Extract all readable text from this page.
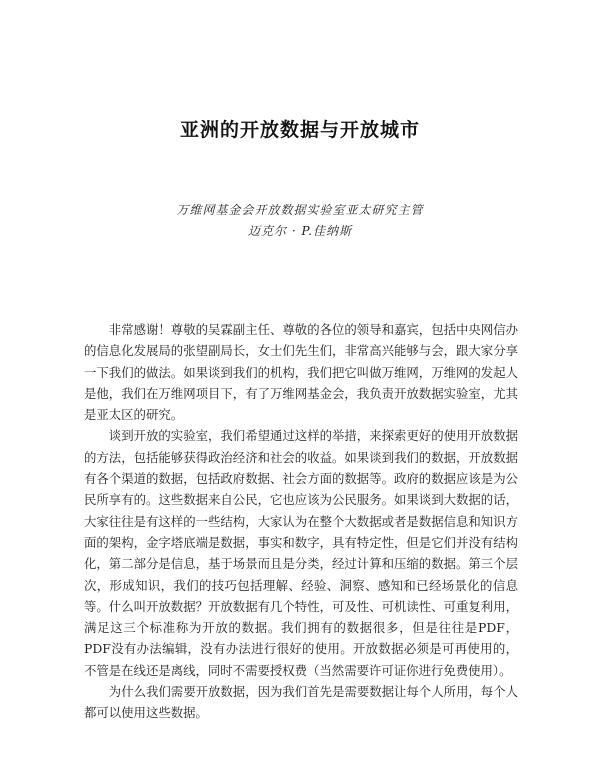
亚洲的开放数据与开放城市
万维网基金会开放数据实验室亚太研究主管
迈克尔 · P.佳纳斯

非常感谢！尊敬的吴霖副主任、尊敬的各位的领导和嘉宾，包括中央网信办的信息化发展局的张望副局长，女士们先生们，非常高兴能够与会，跟大家分享一下我们的做法。如果谈到我们的机构，我们把它叫做万维网，万维网的发起人是他，我们在万维网项目下，有了万维网基金会，我负责开放数据实验室，尤其是亚太区的研究。

谈到开放的实验室，我们希望通过这样的举措，来探索更好的使用开放数据的方法，包括能够获得政治经济和社会的收益。如果谈到我们的数据，开放数据有各个渠道的数据，包括政府数据、社会方面的数据等。政府的数据应该是为公民所享有的。这些数据来自公民，它也应该为公民服务。如果谈到大数据的话，大家往往是有这样的一些结构，大家认为在整个大数据或者是数据信息和知识方面的架构，金字塔底端是数据，事实和数字，具有特定性，但是它们并没有结构化，第二部分是信息，基于场景而且是分类，经过计算和压缩的数据。第三个层次，形成知识，我们的技巧包括理解、经验、洞察、感知和已经场景化的信息等。什么叫开放数据？开放数据有几个特性，可及性、可机读性、可重复利用，满足这三个标准称为开放的数据。我们拥有的数据很多，但是往往是PDF，PDF没有办法编辑，没有办法进行很好的使用。开放数据必须是可再使用的，不管是在线还是离线，同时不需要授权费（当然需要许可证你进行免费使用）。

为什么我们需要开放数据，因为我们首先是需要数据让每个人所用，每个人都可以使用这些数据。
